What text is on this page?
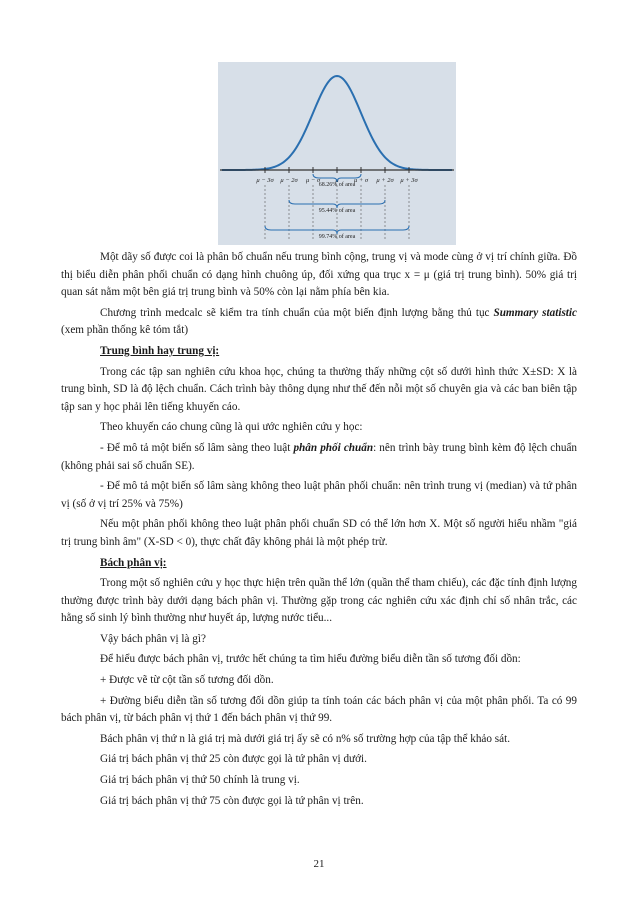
μ − 3σ μ − 2σ μ − σ μ μ + σ μ + 2σ μ + 3σ
68.26% of area
95.44% of area
99.74% of area

Một dãy số được coi là phân bố chuẩn nếu trung bình cộng, trung vị và mode cùng ở vị trí chính giữa. Đồ thị biểu diễn phân phối chuẩn có dạng hình chuông úp, đối xứng qua trục x = μ (giá trị trung bình). 50% giá trị quan sát nằm một bên giá trị trung bình và 50% còn lại nằm phía bên kia.

Chương trình medcalc sẽ kiểm tra tính chuẩn của một biến định lượng bằng thủ tục Summary statistic (xem phần thống kê tóm tắt)

Trung bình hay trung vị:

Trong các tập san nghiên cứu khoa học, chúng ta thường thấy những cột số dưới hình thức X±SD: X là trung bình, SD là độ lệch chuẩn. Cách trình bày thông dụng như thế đến nỗi một số chuyên gia và các ban biên tập tập san y học phải lên tiếng khuyến cáo.

Theo khuyến cáo chung cũng là qui ước nghiên cứu y học:

- Để mô tả một biến số lâm sàng theo luật phân phối chuẩn: nên trình bày trung bình kèm độ lệch chuẩn (không phải sai số chuẩn SE).

- Để mô tả một biến số lâm sàng không theo luật phân phối chuẩn: nên trình trung vị (median) và tứ phân vị (số ở vị trí 25% và 75%)

Nếu một phân phối không theo luật phân phối chuẩn SD có thể lớn hơn X. Một số người hiểu nhầm "giá trị trung bình âm" (X-SD < 0), thực chất đây không phải là một phép trừ.

Bách phân vị:

Trong một số nghiên cứu y học thực hiện trên quần thể lớn (quần thể tham chiếu), các đặc tính định lượng thường được trình bày dưới dạng bách phân vị. Thường gặp trong các nghiên cứu xác định chỉ số nhân trắc, các hằng số sinh lý bình thường như huyết áp, lượng nước tiểu...

Vậy bách phân vị là gì?

Để hiểu được bách phân vị, trước hết chúng ta tìm hiểu đường biểu diễn tần số tương đối dồn:

+ Được vẽ từ cột tần số tương đối dồn.

+ Đường biểu diễn tần số tương đối dồn giúp ta tính toán các bách phân vị của một phân phối. Ta có 99 bách phân vị, từ bách phân vị thứ 1 đến bách phân vị thứ 99.

Bách phân vị thứ n là giá trị mà dưới giá trị ấy sẽ có n% số trường hợp của tập thể khảo sát.

Giá trị bách phân vị thứ 25 còn được gọi là tứ phân vị dưới.

Giá trị bách phân vị thứ 50 chính là trung vị.

Giá trị bách phân vị thứ 75 còn được gọi là tứ phân vị trên.

21
